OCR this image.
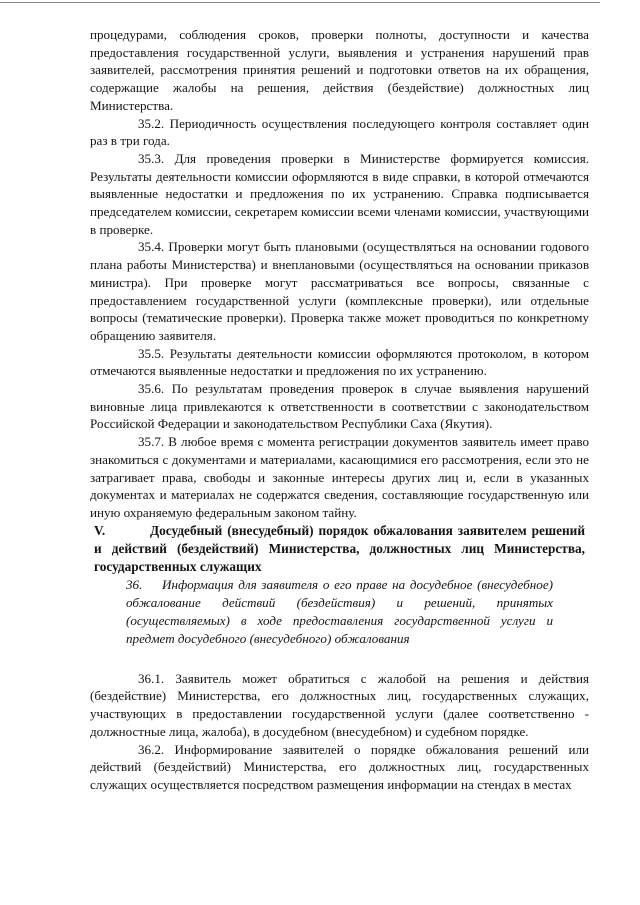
процедурами, соблюдения сроков, проверки полноты, доступности и качества предоставления государственной услуги, выявления и устранения нарушений прав заявителей, рассмотрения принятия решений и подготовки ответов на их обращения, содержащие жалобы на решения, действия (бездействие) должностных лиц Министерства.

35.2. Периодичность осуществления последующего контроля составляет один раз в три года.

35.3. Для проведения проверки в Министерстве формируется комиссия. Результаты деятельности комиссии оформляются в виде справки, в которой отмечаются выявленные недостатки и предложения по их устранению. Справка подписывается председателем комиссии, секретарем комиссии всеми членами комиссии, участвующими в проверке.

35.4. Проверки могут быть плановыми (осуществляться на основании годового плана работы Министерства) и внеплановыми (осуществляться на основании приказов министра). При проверке могут рассматриваться все вопросы, связанные с предоставлением государственной услуги (комплексные проверки), или отдельные вопросы (тематические проверки). Проверка также может проводиться по конкретному обращению заявителя.

35.5. Результаты деятельности комиссии оформляются протоколом, в котором отмечаются выявленные недостатки и предложения по их устранению.

35.6. По результатам проведения проверок в случае выявления нарушений виновные лица привлекаются к ответственности в соответствии с законодательством Российской Федерации и законодательством Республики Саха (Якутия).

35.7. В любое время с момента регистрации документов заявитель имеет право знакомиться с документами и материалами, касающимися его рассмотрения, если это не затрагивает права, свободы и законные интересы других лиц и, если в указанных документах и материалах не содержатся сведения, составляющие государственную или иную охраняемую федеральным законом тайну.

V.	Досудебный (внесудебный) порядок обжалования заявителем решений и действий (бездействий) Министерства, должностных лиц Министерства, государственных служащих

36. Информация для заявителя о его праве на досудебное (внесудебное) обжалование действий (бездействия) и решений, принятых (осуществляемых) в ходе предоставления государственной услуги и предмет досудебного (внесудебного) обжалования

36.1. Заявитель может обратиться с жалобой на решения и действия (бездействие) Министерства, его должностных лиц, государственных служащих, участвующих в предоставлении государственной услуги (далее соответственно - должностные лица, жалоба), в досудебном (внесудебном) и судебном порядке.

36.2. Информирование заявителей о порядке обжалования решений или действий (бездействий) Министерства, его должностных лиц, государственных служащих осуществляется посредством размещения информации на стендах в местах
